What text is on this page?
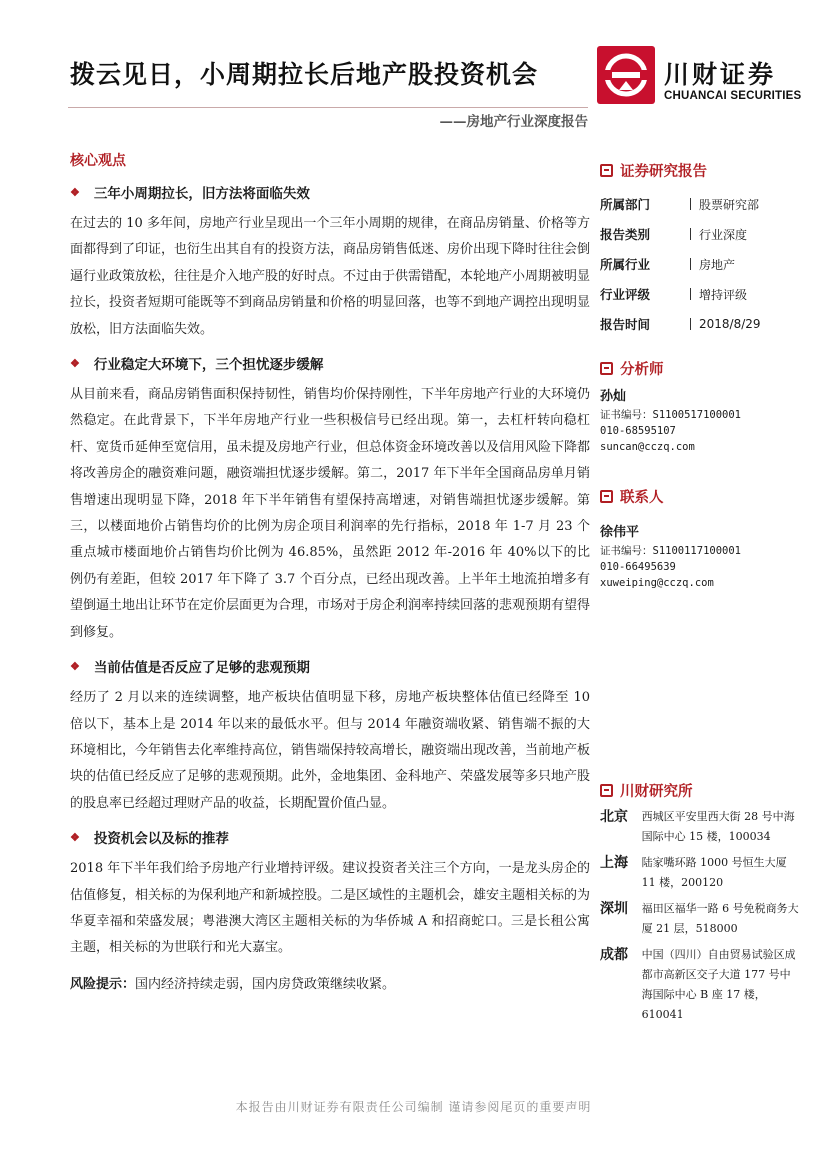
拨云见日，小周期拉长后地产股投资机会	川财证券
CHUANCAI SECURITIES
——房地产行业深度报告
核心观点
❖ 三年小周期拉长，旧方法将面临失效

在过去的 10 多年间，房地产行业呈现出一个三年小周期的规律，在商品房销量、价格等方面都得到了印证，也衍生出其自有的投资方法，商品房销售低迷、房价出现下降时往往会倒逼行业政策放松，往往是介入地产股的好时点。不过由于供需错配，本轮地产小周期被明显拉长，投资者短期可能既等不到商品房销量和价格的明显回落，也等不到地产调控出现明显放松，旧方法面临失效。

❖ 行业稳定大环境下，三个担忧逐步缓解

从目前来看，商品房销售面积保持韧性，销售均价保持刚性，下半年房地产行业的大环境仍然稳定。在此背景下，下半年房地产行业一些积极信号已经出现。第一，去杠杆转向稳杠杆、宽货币延伸至宽信用，虽未提及房地产行业，但总体资金环境改善以及信用风险下降都将改善房企的融资难问题，融资端担忧逐步缓解。第二，2017 年下半年全国商品房单月销售增速出现明显下降，2018 年下半年销售有望保持高增速，对销售端担忧逐步缓解。第三，以楼面地价占销售均价的比例为房企项目利润率的先行指标，2018 年 1-7 月 23 个重点城市楼面地价占销售均价比例为 46.85%，虽然距 2012 年-2016 年 40%以下的比例仍有差距，但较 2017 年下降了 3.7 个百分点，已经出现改善。上半年土地流拍增多有望倒逼土地出让环节在定价层面更为合理，市场对于房企利润率持续回落的悲观预期有望得到修复。

❖ 当前估值是否反应了足够的悲观预期

经历了 2 月以来的连续调整，地产板块估值明显下移，房地产板块整体估值已经降至 10 倍以下，基本上是 2014 年以来的最低水平。但与 2014 年融资端收紧、销售端不振的大环境相比，今年销售去化率维持高位，销售端保持较高增长，融资端出现改善，当前地产板块的估值已经反应了足够的悲观预期。此外，金地集团、金科地产、荣盛发展等多只地产股的股息率已经超过理财产品的收益，长期配置价值凸显。

❖ 投资机会以及标的推荐

2018 年下半年我们给予房地产行业增持评级。建议投资者关注三个方向，一是龙头房企的估值修复，相关标的为保利地产和新城控股。二是区域性的主题机会，雄安主题相关标的为华夏幸福和荣盛发展；粤港澳大湾区主题相关标的为华侨城 A 和招商蛇口。三是长租公寓主题，相关标的为世联行和光大嘉宝。

风险提示：国内经济持续走弱，国内房贷政策继续收紧。
证券研究报告
所属部门	股票研究部
报告类别	行业深度
所属行业	房地产
行业评级	增持评级
报告时间	2018/8/29
分析师
孙灿
证书编号：S1100517100001
010-68595107
suncan@cczq.com
联系人
徐伟平
证书编号：S1100117100001
010-66495639
xuweiping@cczq.com
川财研究所
北京	西城区平安里西大街 28 号中海国际中心 15 楼，100034
上海	陆家嘴环路 1000 号恒生大厦 11 楼，200120
深圳	福田区福华一路 6 号免税商务大厦 21 层，518000
成都	中国（四川）自由贸易试验区成都市高新区交子大道 177 号中海国际中心 B 座 17 楼，610041
本报告由川财证券有限责任公司编制 谨请参阅尾页的重要声明
